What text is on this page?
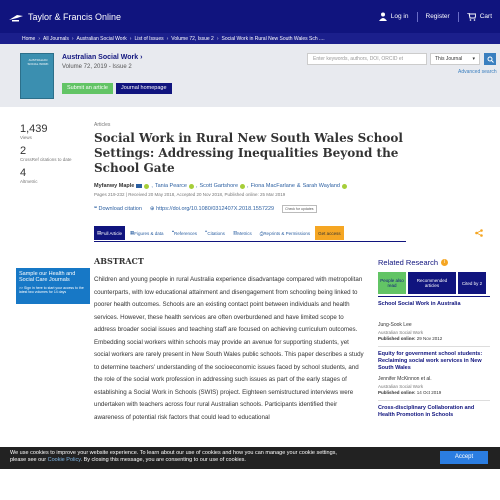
Taylor & Francis Online	Log in	Register	Cart
Home › All Journals › Australian Social Work › List of Issues › Volume 72, Issue 2 › Social Work in Rural New South Wales Sch ....
AUSTRALIAN SOCIAL WORK
Australian Social Work ›
Volume 72, 2019 - Issue 2
Submit an article	Journal homepage
Enter keywords, authors, DOI, ORCID et	This Journal ▾
Advanced search
1,439
Views
2
CrossRef citations to date
4
Altmetric
Articles
Social Work in Rural New South Wales School Settings: Addressing Inequalities Beyond the School Gate
Myfanwy Maple	, Tania Pearce , Scott Gartshore , Fiona MacFarlane & Sarah Wayland
Pages 219-232 | Received 20 May 2018, Accepted 20 Nov 2018, Published online: 25 Mar 2019
❝ Download citation ⊕ https://doi.org/10.1080/0312407X.2018.1557229	Check for updates
▤ Full Article ▦ Figures & data ❝ References ❞ Citations ▥ Metrics ⎙ Reprints & Permissions	Get access
Sample our Health and Social Care Journals
>> Sign in here to start your access to the latest two volumes for 14 days
ABSTRACT
Children and young people in rural Australia experience disadvantage compared with metropolitan counterparts, with low educational attainment and disengagement from schooling being linked to poorer health outcomes. Schools are an existing contact point between individuals and health services. However, these health services are often overburdened and have limited scope to address broader social issues and teaching staff are focused on achieving curriculum outcomes. Embedding social workers within schools may provide an avenue for supporting students, yet social workers are rarely present in New South Wales public schools. This paper describes a study to determine teachers' understanding of the socioeconomic issues faced by school students, and the role of the social work profession in addressing such issues as part of the early stages of establishing a Social Work in Schools (SWIS) project. Eighteen semistructured interviews were undertaken with teachers across four rural Australian schools. Participants identified their awareness of potential risk factors that could lead to educational
Related Research	i
People also read
Recommended articles	Cited by 2
School Social Work in Australia
Jung-Sook Lee
Australian Social Work
Published online: 29 Nov 2012
Equity for government school students: Reclaiming social work services in New South Wales
Jennifer McKinnon et al.
Australian Social Work
Published online: 14 Oct 2019
Cross-disciplinary Collaboration and Health Promotion in Schools
We use cookies to improve your website experience. To learn about our use of cookies and how you can manage your cookie settings,
please see our Cookie Policy. By closing this message, you are consenting to our use of cookies.	Accept
